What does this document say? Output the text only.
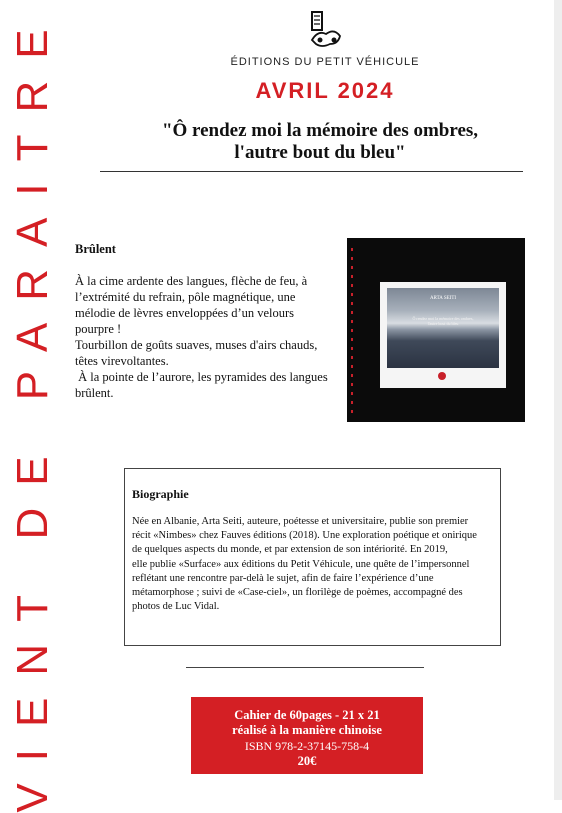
VIENT DE PARAITRE	ÉDITIONS DU PETIT VÉHICULE
AVRIL 2024
"Ô rendez moi la mémoire des ombres,
l'autre bout du bleu"
Brûlent
À la cime ardente des langues, flèche de feu, à
l’extrémité du refrain, pôle magnétique, une
mélodie de lèvres enveloppées d’un velours
pourpre !
Tourbillon de goûts suaves, muses d'airs chauds,
têtes virevoltantes.
À la pointe de l’aurore, les pyramides des langues
brûlent.
ARTA SEITI
Ô rendez moi la mémoire des ombres,
l'autre bout du bleu
Biographie
Née en Albanie, Arta Seiti, auteure, poétesse et universitaire, publie son premier
récit «Nimbes» chez Fauves éditions (2018). Une exploration poétique et onirique
de quelques aspects du monde, et par extension de son intériorité. En 2019,
elle publie «Surface» aux éditions du Petit Véhicule, une quête de l’impersonnel
reflétant une rencontre par-delà le sujet, afin de faire l’expérience d’une
métamorphose ; suivi de «Case-ciel», un florilège de poèmes, accompagné des
photos de Luc Vidal.
Cahier de 60pages - 21 x 21
réalisé à la manière chinoise
ISBN 978-2-37145-758-4
20€
